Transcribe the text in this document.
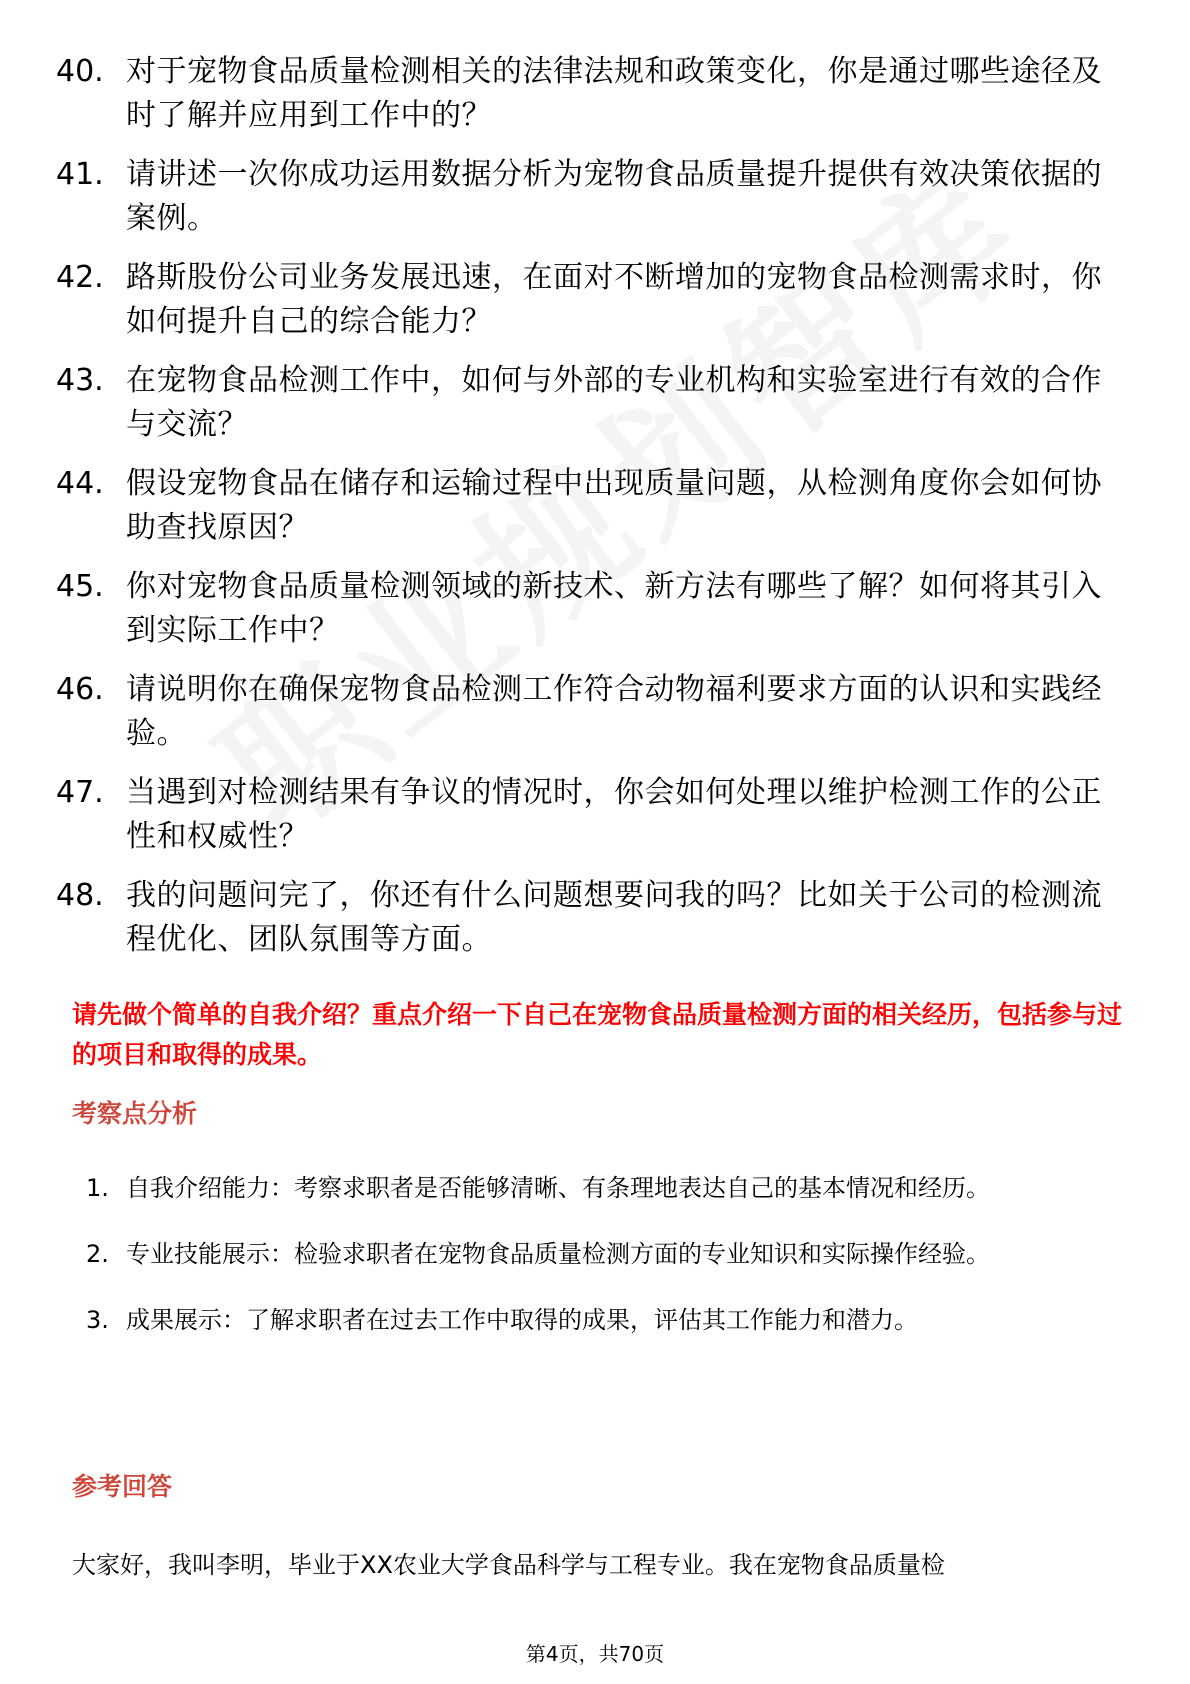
40. 对于宠物食品质量检测相关的法律法规和政策变化，你是通过哪些途径及时了解并应用到工作中的？
41. 请讲述一次你成功运用数据分析为宠物食品质量提升提供有效决策依据的案例。
42. 路斯股份公司业务发展迅速，在面对不断增加的宠物食品检测需求时，你如何提升自己的综合能力？
43. 在宠物食品检测工作中，如何与外部的专业机构和实验室进行有效的合作与交流？
44. 假设宠物食品在储存和运输过程中出现质量问题，从检测角度你会如何协助查找原因？
45. 你对宠物食品质量检测领域的新技术、新方法有哪些了解？如何将其引入到实际工作中？
46. 请说明你在确保宠物食品检测工作符合动物福利要求方面的认识和实践经验。
47. 当遇到对检测结果有争议的情况时，你会如何处理以维护检测工作的公正性和权威性？
48. 我的问题问完了，你还有什么问题想要问我的吗？比如关于公司的检测流程优化、团队氛围等方面。
请先做个简单的自我介绍？重点介绍一下自己在宠物食品质量检测方面的相关经历，包括参与过的项目和取得的成果。
考察点分析
1. 自我介绍能力：考察求职者是否能够清晰、有条理地表达自己的基本情况和经历。
2. 专业技能展示：检验求职者在宠物食品质量检测方面的专业知识和实际操作经验。
3. 成果展示：了解求职者在过去工作中取得的成果，评估其工作能力和潜力。
参考回答
大家好，我叫李明，毕业于XX农业大学食品科学与工程专业。我在宠物食品质量检
第4页，共70页
